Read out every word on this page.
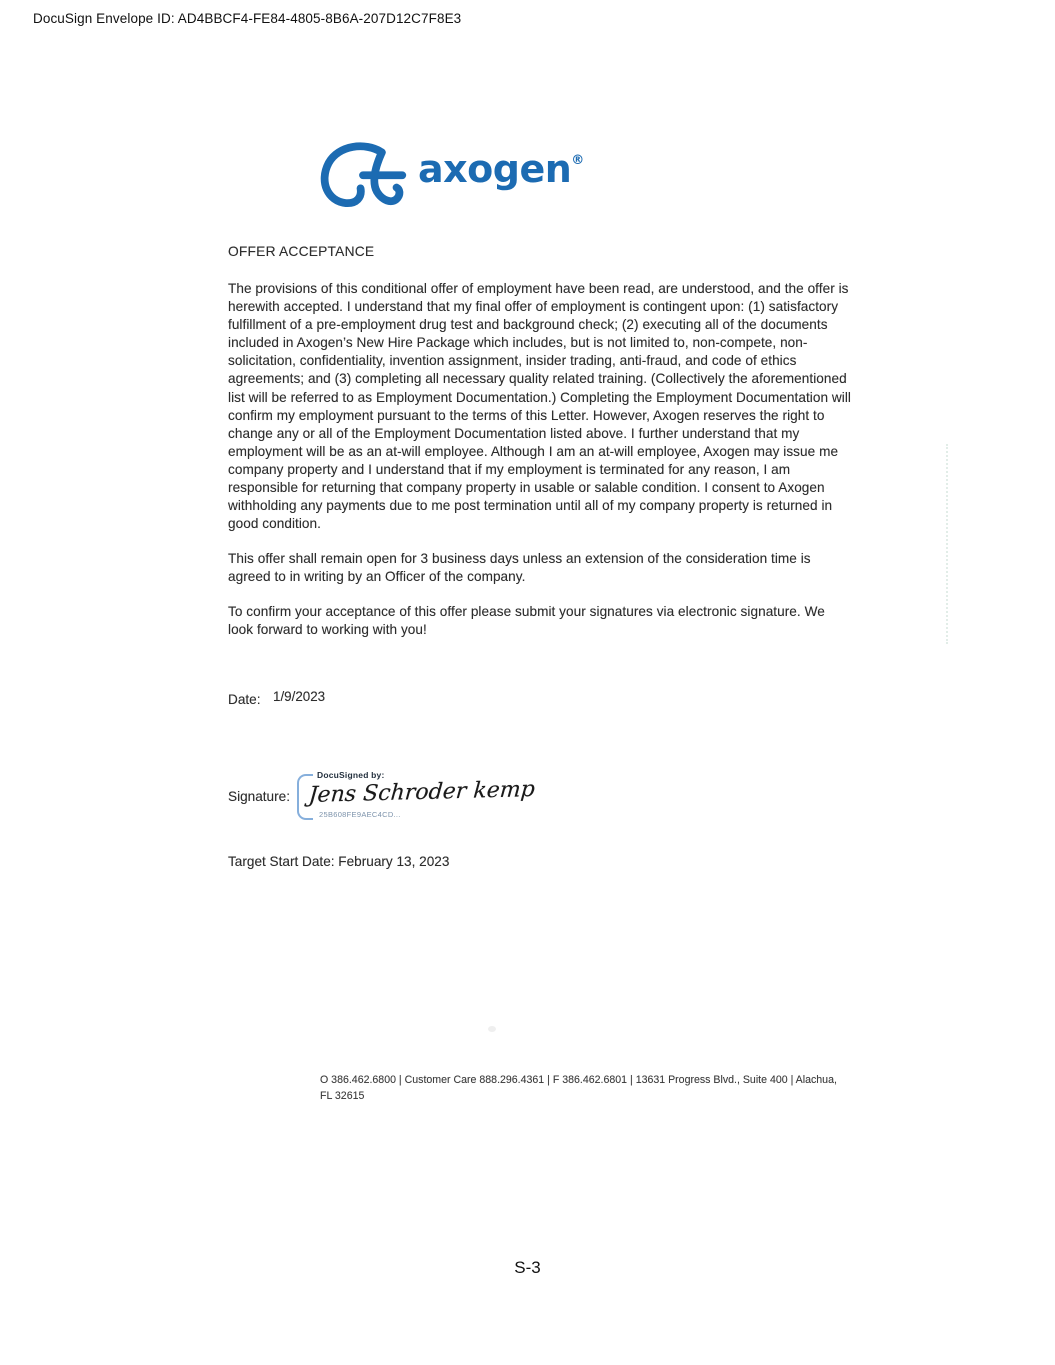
DocuSign Envelope ID: AD4BBCF4-FE84-4805-8B6A-207D12C7F8E3
axogen®
OFFER ACCEPTANCE
The provisions of this conditional offer of employment have been read, are understood, and the offer is herewith accepted. I understand that my final offer of employment is contingent upon: (1) satisfactory fulfillment of a pre-employment drug test and background check; (2) executing all of the documents included in Axogen’s New Hire Package which includes, but is not limited to, non-compete, non-solicitation, confidentiality, invention assignment, insider trading, anti-fraud, and code of ethics agreements; and (3) completing all necessary quality related training. (Collectively the aforementioned list will be referred to as Employment Documentation.) Completing the Employment Documentation will confirm my employment pursuant to the terms of this Letter. However, Axogen reserves the right to change any or all of the Employment Documentation listed above. I further understand that my employment will be as an at-will employee. Although I am an at-will employee, Axogen may issue me company property and I understand that if my employment is terminated for any reason, I am responsible for returning that company property in usable or salable condition. I consent to Axogen withholding any payments due to me post termination until all of my company property is returned in good condition.
This offer shall remain open for 3 business days unless an extension of the consideration time is agreed to in writing by an Officer of the company.
To confirm your acceptance of this offer please submit your signatures via electronic signature. We look forward to working with you!
Date: 1/9/2023
Signature:
DocuSigned by:
Jens Schroder kemp
25B608FE9AEC4CD...
Target Start Date: February 13, 2023
O 386.462.6800 | Customer Care 888.296.4361 | F 386.462.6801 | 13631 Progress Blvd., Suite 400 | Alachua, FL 32615
S-3
